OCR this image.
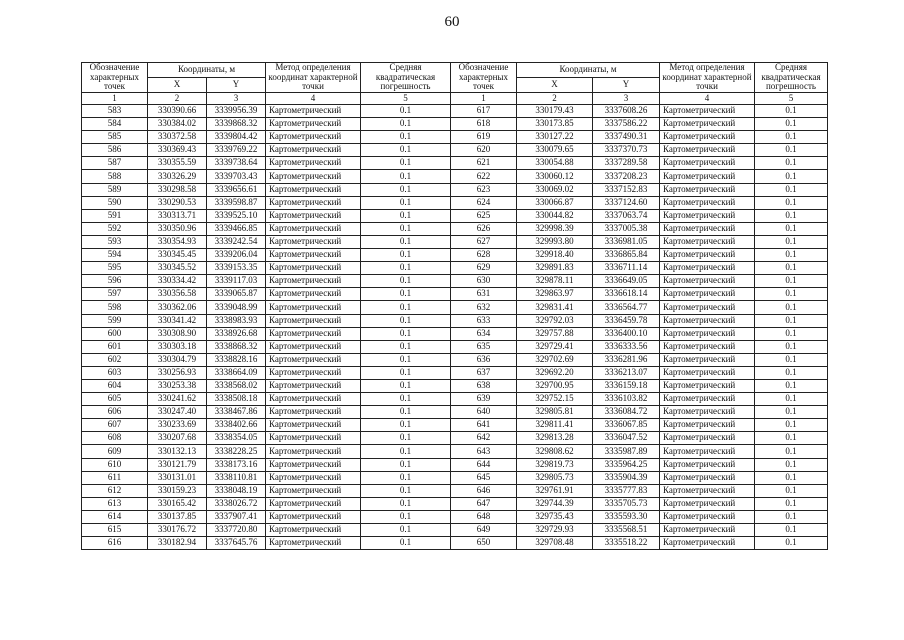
60
Обозначение характерных точек	Координаты, м		Метод определения координат характерной точки	Средняя квадратическая погрешность	Обозначение характерных точек	Координаты, м		Метод определения координат характерной точки	Средняя квадратическая погрешность
	X	Y				X	Y		
1	2	3	4	5	1	2	3	4	5
583	330390.66	3339956.39	Картометрический	0.1	617	330179.43	3337608.26	Картометрический	0.1
584	330384.02	3339868.32	Картометрический	0.1	618	330173.85	3337586.22	Картометрический	0.1
585	330372.58	3339804.42	Картометрический	0.1	619	330127.22	3337490.31	Картометрический	0.1
586	330369.43	3339769.22	Картометрический	0.1	620	330079.65	3337370.73	Картометрический	0.1
587	330355.59	3339738.64	Картометрический	0.1	621	330054.88	3337289.58	Картометрический	0.1
588	330326.29	3339703.43	Картометрический	0.1	622	330060.12	3337208.23	Картометрический	0.1
589	330298.58	3339656.61	Картометрический	0.1	623	330069.02	3337152.83	Картометрический	0.1
590	330290.53	3339598.87	Картометрический	0.1	624	330066.87	3337124.60	Картометрический	0.1
591	330313.71	3339525.10	Картометрический	0.1	625	330044.82	3337063.74	Картометрический	0.1
592	330350.96	3339466.85	Картометрический	0.1	626	329998.39	3337005.38	Картометрический	0.1
593	330354.93	3339242.54	Картометрический	0.1	627	329993.80	3336981.05	Картометрический	0.1
594	330345.45	3339206.04	Картометрический	0.1	628	329918.40	3336865.84	Картометрический	0.1
595	330345.52	3339153.35	Картометрический	0.1	629	329891.83	3336711.14	Картометрический	0.1
596	330334.42	3339117.03	Картометрический	0.1	630	329878.11	3336649.05	Картометрический	0.1
597	330356.58	3339065.87	Картометрический	0.1	631	329863.97	3336618.14	Картометрический	0.1
598	330362.06	3339048.99	Картометрический	0.1	632	329831.41	3336564.77	Картометрический	0.1
599	330341.42	3338983.93	Картометрический	0.1	633	329792.03	3336459.78	Картометрический	0.1
600	330308.90	3338926.68	Картометрический	0.1	634	329757.88	3336400.10	Картометрический	0.1
601	330303.18	3338868.32	Картометрический	0.1	635	329729.41	3336333.56	Картометрический	0.1
602	330304.79	3338828.16	Картометрический	0.1	636	329702.69	3336281.96	Картометрический	0.1
603	330256.93	3338664.09	Картометрический	0.1	637	329692.20	3336213.07	Картометрический	0.1
604	330253.38	3338568.02	Картометрический	0.1	638	329700.95	3336159.18	Картометрический	0.1
605	330241.62	3338508.18	Картометрический	0.1	639	329752.15	3336103.82	Картометрический	0.1
606	330247.40	3338467.86	Картометрический	0.1	640	329805.81	3336084.72	Картометрический	0.1
607	330233.69	3338402.66	Картометрический	0.1	641	329811.41	3336067.85	Картометрический	0.1
608	330207.68	3338354.05	Картометрический	0.1	642	329813.28	3336047.52	Картометрический	0.1
609	330132.13	3338228.25	Картометрический	0.1	643	329808.62	3335987.89	Картометрический	0.1
610	330121.79	3338173.16	Картометрический	0.1	644	329819.73	3335964.25	Картометрический	0.1
611	330131.01	3338110.81	Картометрический	0.1	645	329805.73	3335904.39	Картометрический	0.1
612	330159.23	3338048.19	Картометрический	0.1	646	329761.91	3335777.83	Картометрический	0.1
613	330165.42	3338026.72	Картометрический	0.1	647	329744.39	3335705.73	Картометрический	0.1
614	330137.85	3337907.41	Картометрический	0.1	648	329735.43	3335593.30	Картометрический	0.1
615	330176.72	3337720.80	Картометрический	0.1	649	329729.93	3335568.51	Картометрический	0.1
616	330182.94	3337645.76	Картометрический	0.1	650	329708.48	3335518.22	Картометрический	0.1
